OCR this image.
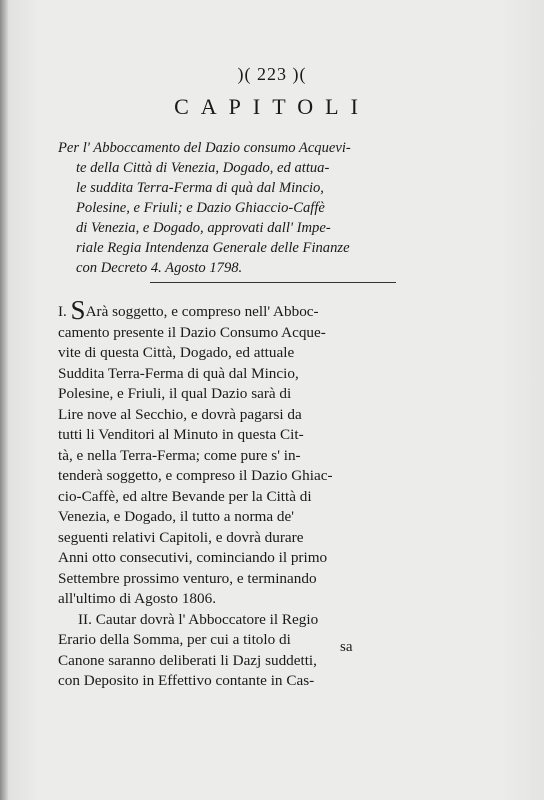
)( 223 )(
CAPITOLI
Per l' Abboccamento del Dazio consumo Acquevi-
te della Città di Venezia, Dogado, ed attua-
le suddita Terra-Ferma di quà dal Mincio,
Polesine, e Friuli; e Dazio Ghiaccio-Caffè
di Venezia, e Dogado, approvati dall' Impe-
riale Regia Intendenza Generale delle Finanze
con Decreto 4. Agosto 1798.
I. SArà soggetto, e compreso nell' Abboc-
camento presente il Dazio Consumo Acque-
vite di questa Città, Dogado, ed attuale
Suddita Terra-Ferma di quà dal Mincio,
Polesine, e Friuli, il qual Dazio sarà di
Lire nove al Secchio, e dovrà pagarsi da
tutti li Venditori al Minuto in questa Cit-
tà, e nella Terra-Ferma; come pure s' in-
tenderà soggetto, e compreso il Dazio Ghiac-
cio-Caffè, ed altre Bevande per la Città di
Venezia, e Dogado, il tutto a norma de'
seguenti relativi Capitoli, e dovrà durare
Anni otto consecutivi, cominciando il primo
Settembre prossimo venturo, e terminando
all'ultimo di Agosto 1806.
II. Cautar dovrà l' Abboccatore il Regio
Erario della Somma, per cui a titolo di
Canone saranno deliberati li Dazj suddetti,
con Deposito in Effettivo contante in Cas-
sa
